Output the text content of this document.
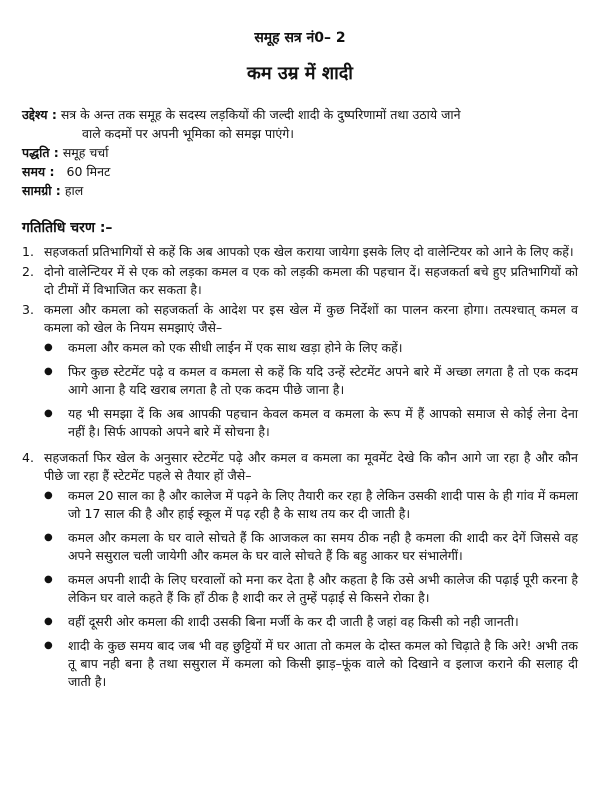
समूह सत्र नं0– 2
कम उम्र में शादी
उद्देश्य : सत्र के अन्त तक समूह के सदस्य लड़कियों की जल्दी शादी के दुष्परिणामों तथा उठाये जाने
वाले कदमों पर अपनी भूमिका को समझ पाएंगे।
पद्धति : समूह चर्चा
समय : 60 मिनट
सामग्री : हाल
गतितिधि चरण :–
1. सहजकर्ता प्रतिभागियों से कहें कि अब आपको एक खेल कराया जायेगा इसके लिए दो वालेन्टियर को आने के लिए कहें।
2. दोनो वालेन्टियर में से एक को लड़का कमल व एक को लड़की कमला की पहचान दें। सहजकर्ता बचे हुए प्रतिभागियों को दो टीमों में विभाजित कर सकता है।
3. कमला और कमला को सहजकर्ता के आदेश पर इस खेल में कुछ निर्देशों का पालन करना होगा। तत्पश्चात् कमल व कमला को खेल के नियम समझाएं जैसे–
●	कमला और कमल को एक सीधी लाईन में एक साथ खड़ा होने के लिए कहें।
●	फिर कुछ स्टेटमेंट पढ़े व कमल व कमला से कहें कि यदि उन्हें स्टेटमेंट अपने बारे में अच्छा लगता है तो एक कदम आगे आना है यदि खराब लगता है तो एक कदम पीछे जाना है।
●	यह भी समझा दें कि अब आपकी पहचान केवल कमल व कमला के रूप में हैं आपको समाज से कोई लेना देना नहीं है। सिर्फ आपको अपने बारे में सोचना है।
4. सहजकर्ता फिर खेल के अनुसार स्टेटमेंट पढ़े और कमल व कमला का मूवमेंट देखे कि कौन आगे जा रहा है और कौन पीछे जा रहा हैं स्टेटमेंट पहले से तैयार हों जैसे–
●	कमल 20 साल का है और कालेज में पढ़ने के लिए तैयारी कर रहा है लेकिन उसकी शादी पास के ही गांव में कमला जो 17 साल की है और हाई स्कूल में पढ़ रही है के साथ तय कर दी जाती है।
●	कमल और कमला के घर वाले सोचते हैं कि आजकल का समय ठीक नही है कमला की शादी कर देगें जिससे वह अपने ससुराल चली जायेगी और कमल के घर वाले सोचते हैं कि बहु आकर घर संभालेगीं।
●	कमल अपनी शादी के लिए घरवालों को मना कर देता है और कहता है कि उसे अभी कालेज की पढ़ाई पूरी करना है लेकिन घर वाले कहते हैं कि हॉं ठीक है शादी कर ले तुम्हें पढ़ाई से किसने रोका है।
●	वहीं दूसरी ओर कमला की शादी उसकी बिना मर्जी के कर दी जाती है जहां वह किसी को नही जानती।
●	शादी के कुछ समय बाद जब भी वह छुट्टियों में घर आता तो कमल के दोस्त कमल को चिढ़ाते है कि अरे! अभी तक तू बाप नही बना है तथा ससुराल में कमला को किसी झाड़–फूंक वाले को दिखाने व इलाज कराने की सलाह दी जाती है।
